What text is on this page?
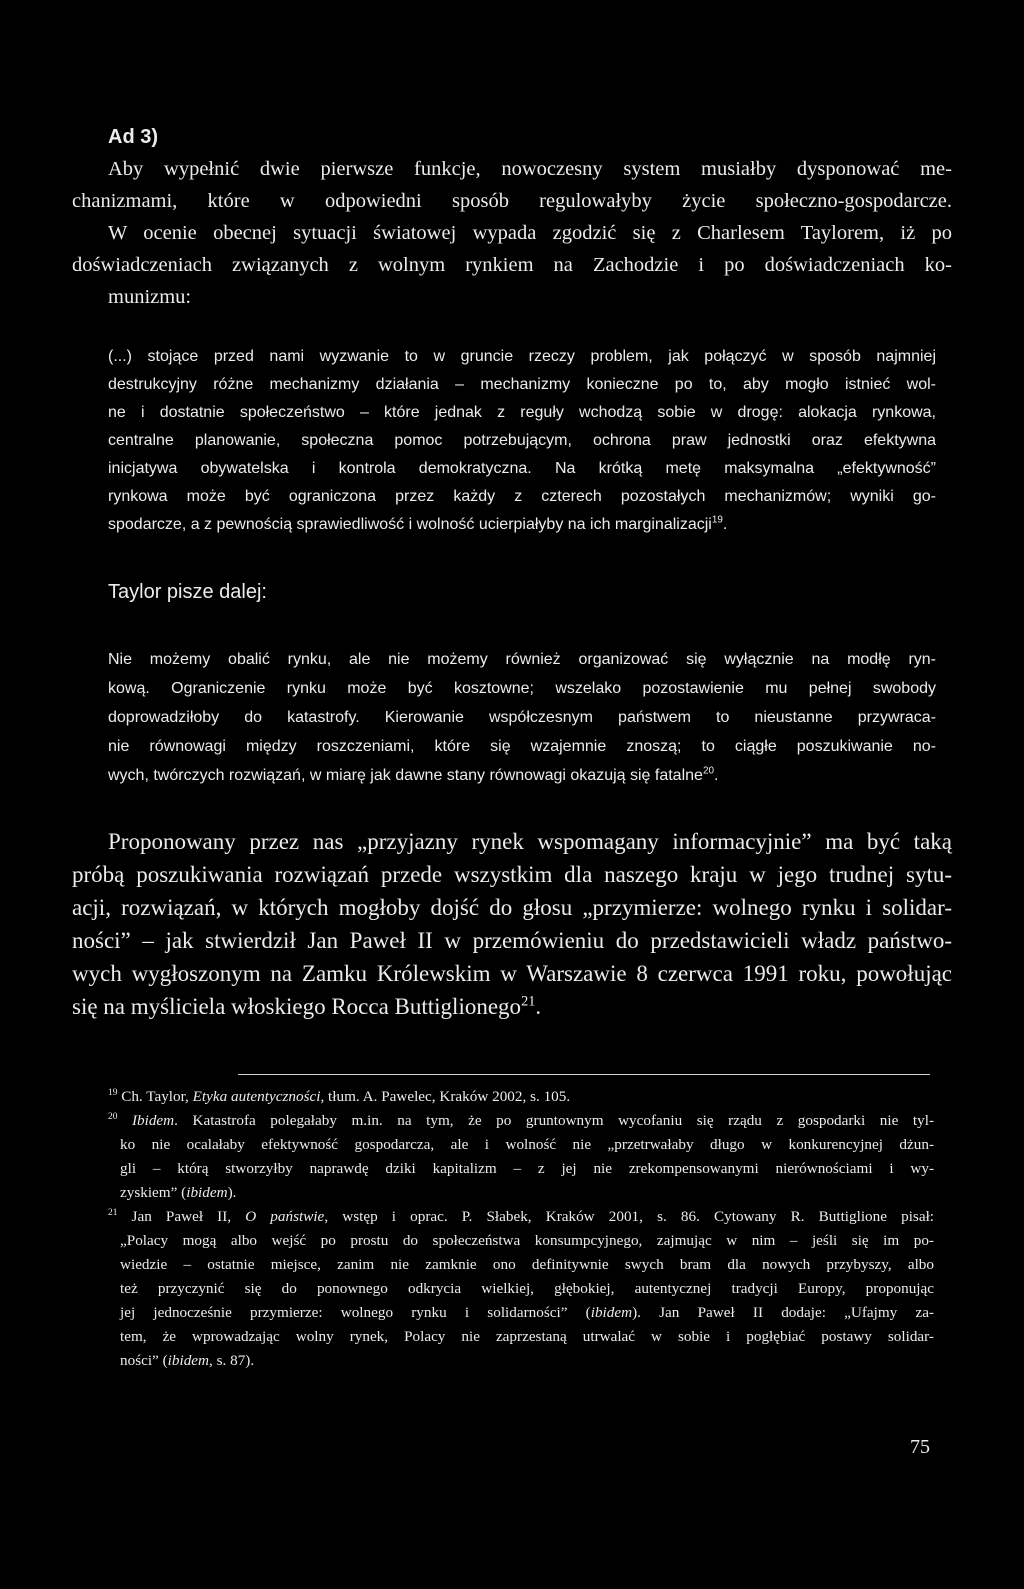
Ad 3)
Aby wypełnić dwie pierwsze funkcje, nowoczesny system musiałby dysponować me-
chanizmami, które w odpowiedni sposób regulowałyby życie społeczno-gospodarcze.
W ocenie obecnej sytuacji światowej wypada zgodzić się z Charlesem Taylorem, iż po
doświadczeniach związanych z wolnym rynkiem na Zachodzie i po doświadczeniach ko-
munizmu:
(...) stojące przed nami wyzwanie to w gruncie rzeczy problem, jak połączyć w sposób najmniej
destrukcyjny różne mechanizmy działania – mechanizmy konieczne po to, aby mogło istnieć wol-
ne i dostatnie społeczeństwo – które jednak z reguły wchodzą sobie w drogę: alokacja rynkowa,
centralne planowanie, społeczna pomoc potrzebującym, ochrona praw jednostki oraz efektywna
inicjatywa obywatelska i kontrola demokratyczna. Na krótką metę maksymalna „efektywność”
rynkowa może być ograniczona przez każdy z czterech pozostałych mechanizmów; wyniki go-
spodarcze, a z pewnością sprawiedliwość i wolność ucierpiałyby na ich marginalizacji$^{19}$.
Taylor pisze dalej:
Nie możemy obalić rynku, ale nie możemy również organizować się wyłącznie na modłę ryn-
kową. Ograniczenie rynku może być kosztowne; wszelako pozostawienie mu pełnej swobody
doprowadziłoby do katastrofy. Kierowanie współczesnym państwem to nieustanne przywraca-
nie równowagi między roszczeniami, które się wzajemnie znoszą; to ciągłe poszukiwanie no-
wych, twórczych rozwiązań, w miarę jak dawne stany równowagi okazują się fatalne$^{20}$.
Proponowany przez nas „przyjazny rynek wspomagany informacyjnie” ma być taką
próbą poszukiwania rozwiązań przede wszystkim dla naszego kraju w jego trudnej sytu-
acji, rozwiązań, w których mogłoby dojść do głosu „przymierze: wolnego rynku i solidar-
ności” – jak stwierdził Jan Paweł II w przemówieniu do przedstawicieli władz państwo-
wych wygłoszonym na Zamku Królewskim w Warszawie 8 czerwca 1991 roku, powołując
się na myśliciela włoskiego Rocca Buttiglionego$^{21}$.
$^{19}$ Ch. Taylor, Etyka autentyczności, tłum. A. Pawelec, Kraków 2002, s. 105.
$^{20}$ Ibidem. Katastrofa polegałaby m.in. na tym, że po gruntownym wycofaniu się rządu z gospodarki nie tyl-
ko nie ocalałaby efektywność gospodarcza, ale i wolność nie „przetrwałaby długo w konkurencyjnej dżun-
gli – którą stworzyłby naprawdę dziki kapitalizm – z jej nie zrekompensowanymi nierównościami i wy-
zyskiem” (ibidem).
$^{21}$ Jan Paweł II, O państwie, wstęp i oprac. P. Słabek, Kraków 2001, s. 86. Cytowany R. Buttiglione pisał:
„Polacy mogą albo wejść po prostu do społeczeństwa konsumpcyjnego, zajmując w nim – jeśli się im po-
wiedzie – ostatnie miejsce, zanim nie zamknie ono definitywnie swych bram dla nowych przybyszy, albo
też przyczynić się do ponownego odkrycia wielkiej, głębokiej, autentycznej tradycji Europy, proponując
jej jednocześnie przymierze: wolnego rynku i solidarności” (ibidem). Jan Paweł II dodaje: „Ufajmy za-
tem, że wprowadzając wolny rynek, Polacy nie zaprzestaną utrwalać w sobie i pogłębiać postawy solidar-
ności” (ibidem, s. 87).
75
